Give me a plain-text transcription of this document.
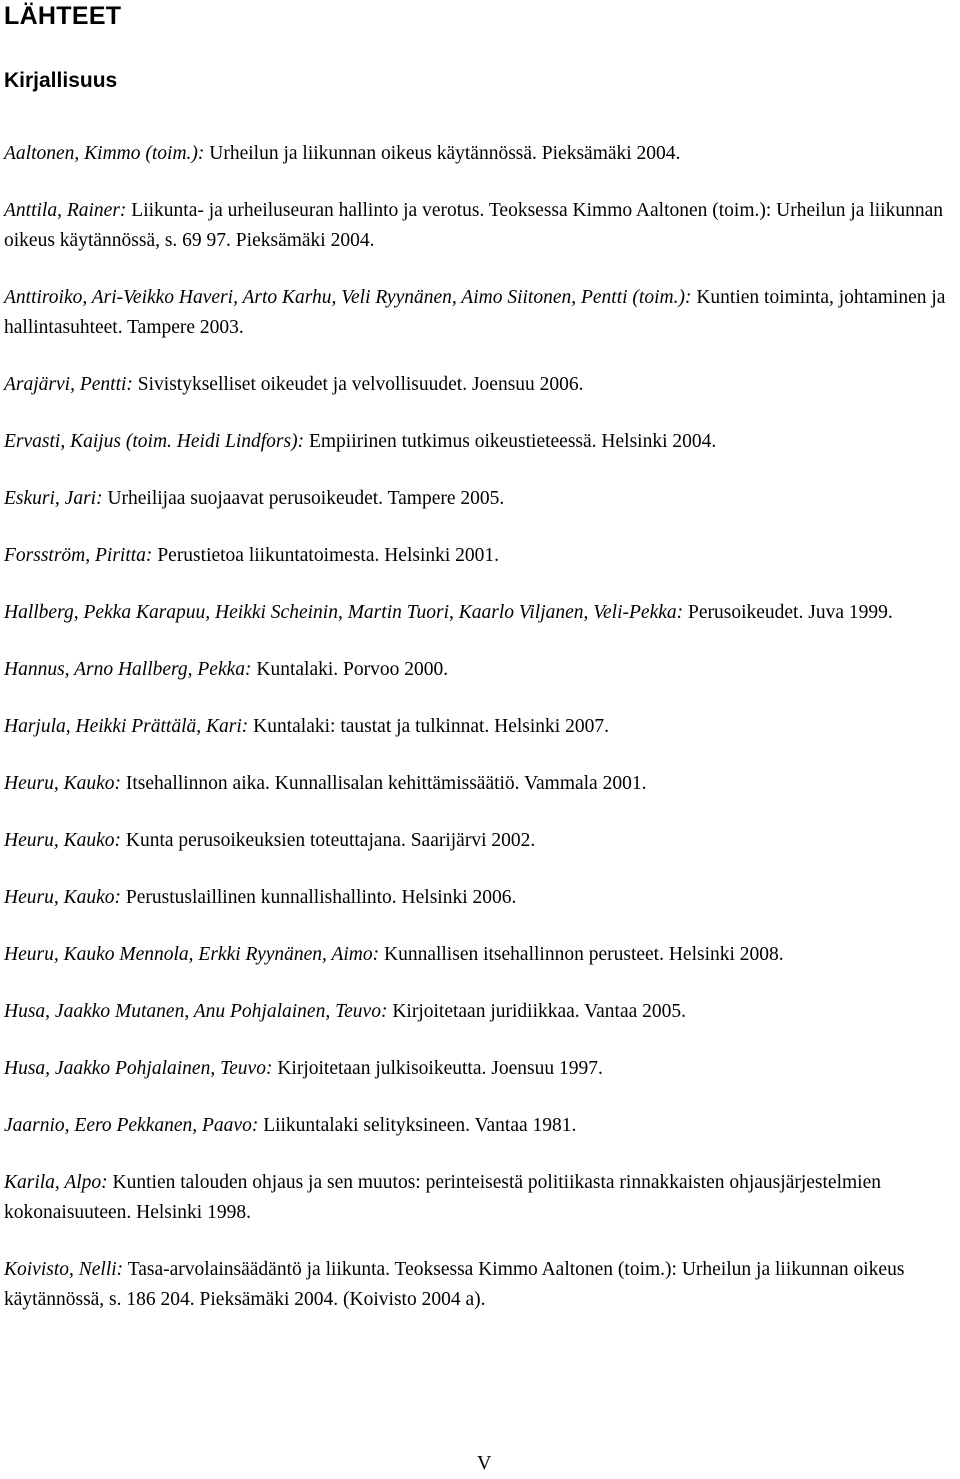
LÄHTEET
Kirjallisuus
Aaltonen, Kimmo (toim.): Urheilun ja liikunnan oikeus käytännössä. Pieksämäki 2004.
Anttila, Rainer: Liikunta- ja urheiluseuran hallinto ja verotus. Teoksessa Kimmo Aaltonen (toim.): Urheilun ja liikunnan oikeus käytännössä, s. 69 97. Pieksämäki 2004.
Anttiroiko, Ari-Veikko Haveri, Arto Karhu, Veli Ryynänen, Aimo Siitonen, Pentti (toim.): Kuntien toiminta, johtaminen ja hallintasuhteet. Tampere 2003.
Arajärvi, Pentti: Sivistykselliset oikeudet ja velvollisuudet. Joensuu 2006.
Ervasti, Kaijus (toim. Heidi Lindfors): Empiirinen tutkimus oikeustieteessä. Helsinki 2004.
Eskuri, Jari: Urheilijaa suojaavat perusoikeudet. Tampere 2005.
Forsström, Piritta: Perustietoa liikuntatoimesta. Helsinki 2001.
Hallberg, Pekka Karapuu, Heikki Scheinin, Martin Tuori, Kaarlo Viljanen, Veli-Pekka: Perusoikeudet. Juva 1999.
Hannus, Arno Hallberg, Pekka: Kuntalaki. Porvoo 2000.
Harjula, Heikki Prättälä, Kari: Kuntalaki: taustat ja tulkinnat. Helsinki 2007.
Heuru, Kauko: Itsehallinnon aika. Kunnallisalan kehittämissäätiö. Vammala 2001.
Heuru, Kauko: Kunta perusoikeuksien toteuttajana. Saarijärvi 2002.
Heuru, Kauko: Perustuslaillinen kunnallishallinto. Helsinki 2006.
Heuru, Kauko Mennola, Erkki Ryynänen, Aimo: Kunnallisen itsehallinnon perusteet. Helsinki 2008.
Husa, Jaakko Mutanen, Anu Pohjalainen, Teuvo: Kirjoitetaan juridiikkaa. Vantaa 2005.
Husa, Jaakko Pohjalainen, Teuvo: Kirjoitetaan julkisoikeutta. Joensuu 1997.
Jaarnio, Eero Pekkanen, Paavo: Liikuntalaki selityksineen. Vantaa 1981.
Karila, Alpo: Kuntien talouden ohjaus ja sen muutos: perinteisestä politiikasta rinnakkaisten ohjausjärjestelmien kokonaisuuteen. Helsinki 1998.
Koivisto, Nelli: Tasa-arvolainsäädäntö ja liikunta. Teoksessa Kimmo Aaltonen (toim.): Urheilun ja liikunnan oikeus käytännössä, s. 186 204. Pieksämäki 2004. (Koivisto 2004 a).
V
